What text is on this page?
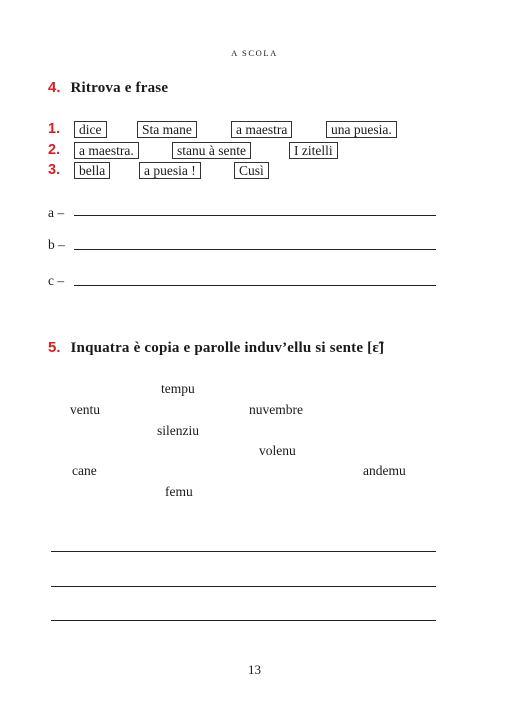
A SCOLA
4. Ritrova e frase
1.
2.
3.
dice	Sta mane	a maestra	una puesia.
a maestra.	stanu à sente	I zitelli
bella	a puesia !	Cusì
a –
b –
c –
5. Inquatra è copia e parolle induv’ellu si sente [ɛ̃]
tempu
ventu	nuvembre
silenziu
volenu
cane	andemu
femu
13
